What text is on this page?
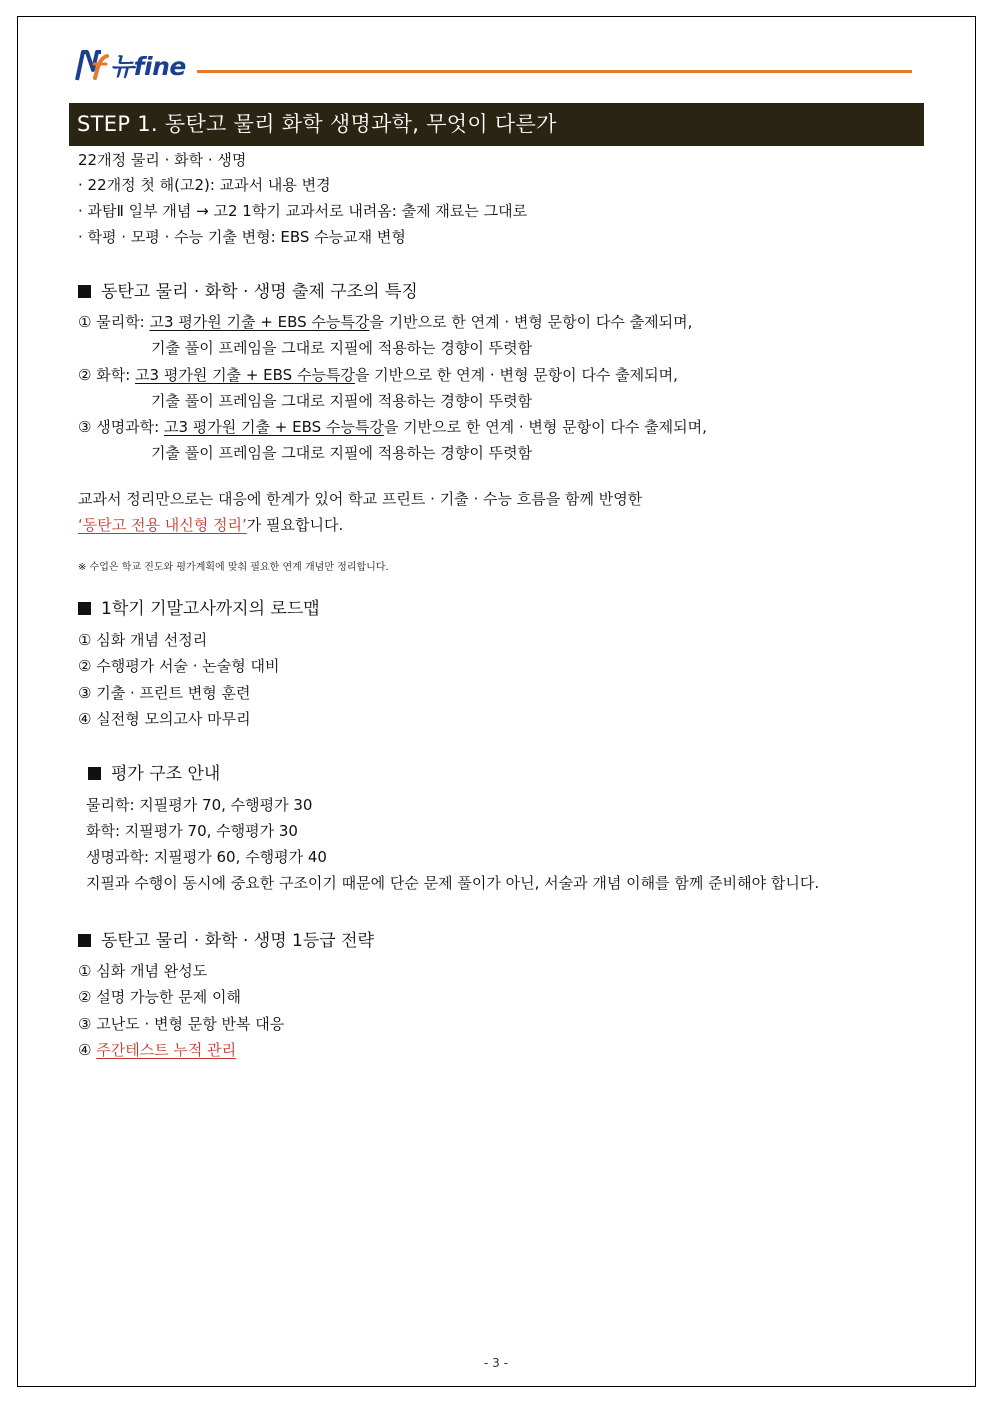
뉴fine
STEP 1. 동탄고 물리 화학 생명과학, 무엇이 다른가
22개정 물리 · 화학 · 생명
· 22개정 첫 해(고2): 교과서 내용 변경
· 과탐Ⅱ 일부 개념 → 고2 1학기 교과서로 내려옴: 출제 재료는 그대로
· 학평 · 모평 · 수능 기출 변형: EBS 수능교재 변형
동탄고 물리 · 화학 · 생명 출제 구조의 특징
① 물리학: 고3 평가원 기출 + EBS 수능특강을 기반으로 한 연계 · 변형 문항이 다수 출제되며,
기출 풀이 프레임을 그대로 지필에 적용하는 경향이 뚜렷함
② 화학: 고3 평가원 기출 + EBS 수능특강을 기반으로 한 연계 · 변형 문항이 다수 출제되며,
기출 풀이 프레임을 그대로 지필에 적용하는 경향이 뚜렷함
③ 생명과학: 고3 평가원 기출 + EBS 수능특강을 기반으로 한 연계 · 변형 문항이 다수 출제되며,
기출 풀이 프레임을 그대로 지필에 적용하는 경향이 뚜렷함
교과서 정리만으로는 대응에 한계가 있어 학교 프린트 · 기출 · 수능 흐름을 함께 반영한
‘동탄고 전용 내신형 정리’가 필요합니다.
※ 수업은 학교 진도와 평가계획에 맞춰 필요한 연계 개념만 정리합니다.
1학기 기말고사까지의 로드맵
① 심화 개념 선정리
② 수행평가 서술 · 논술형 대비
③ 기출 · 프린트 변형 훈련
④ 실전형 모의고사 마무리
평가 구조 안내
물리학: 지필평가 70, 수행평가 30
화학: 지필평가 70, 수행평가 30
생명과학: 지필평가 60, 수행평가 40
지필과 수행이 동시에 중요한 구조이기 때문에 단순 문제 풀이가 아닌, 서술과 개념 이해를 함께 준비해야 합니다.
동탄고 물리 · 화학 · 생명 1등급 전략
① 심화 개념 완성도
② 설명 가능한 문제 이해
③ 고난도 · 변형 문항 반복 대응
④ 주간테스트 누적 관리
- 3 -
